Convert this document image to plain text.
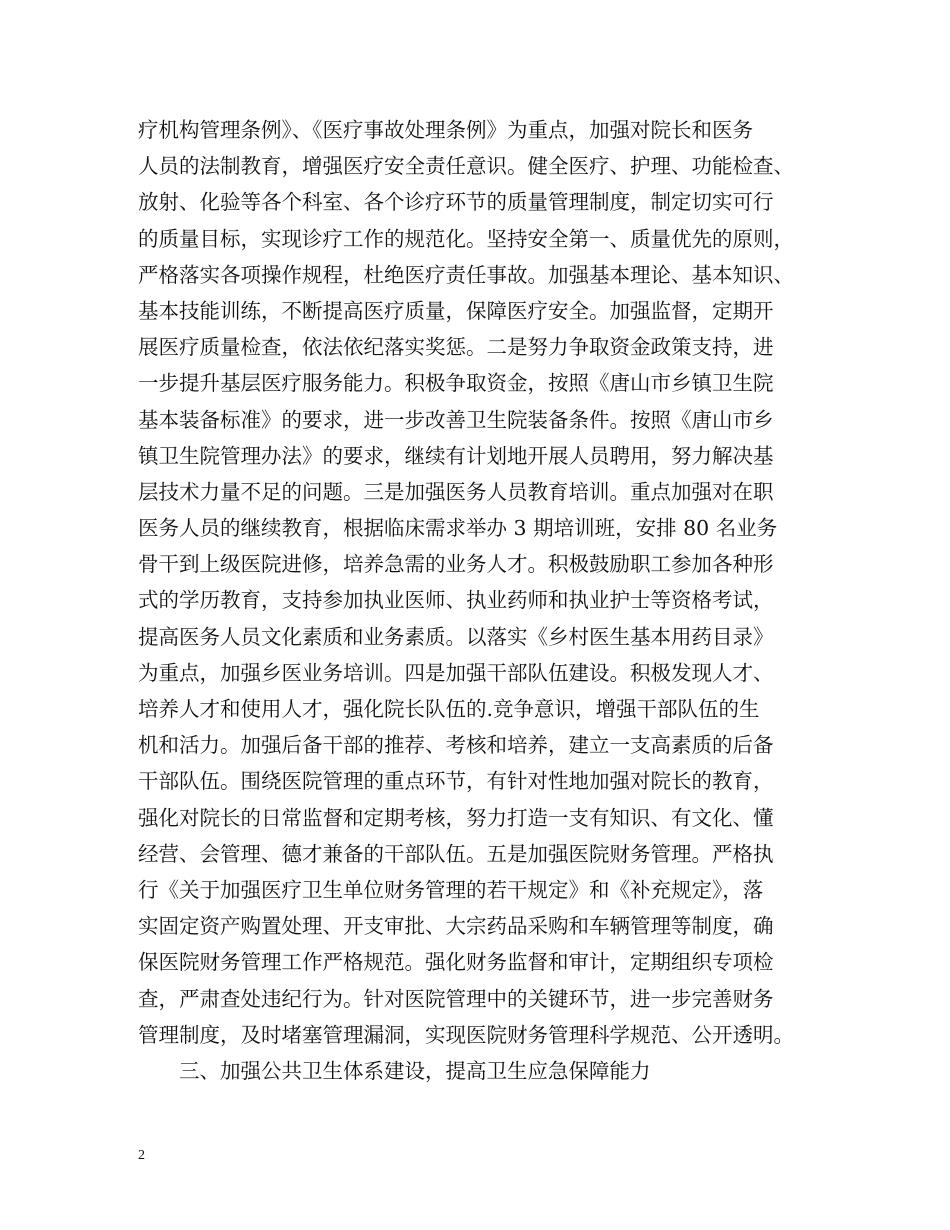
疗机构管理条例》、《医疗事故处理条例》为重点，加强对院长和医务
人员的法制教育，增强医疗安全责任意识。健全医疗、护理、功能检查、
放射、化验等各个科室、各个诊疗环节的质量管理制度，制定切实可行
的质量目标，实现诊疗工作的规范化。坚持安全第一、质量优先的原则，
严格落实各项操作规程，杜绝医疗责任事故。加强基本理论、基本知识、
基本技能训练，不断提高医疗质量，保障医疗安全。加强监督，定期开
展医疗质量检查，依法依纪落实奖惩。二是努力争取资金政策支持，进
一步提升基层医疗服务能力。积极争取资金，按照《唐山市乡镇卫生院
基本装备标准》的要求，进一步改善卫生院装备条件。按照《唐山市乡
镇卫生院管理办法》的要求，继续有计划地开展人员聘用，努力解决基
层技术力量不足的问题。三是加强医务人员教育培训。重点加强对在职
医务人员的继续教育，根据临床需求举办 3 期培训班，安排 80 名业务
骨干到上级医院进修，培养急需的业务人才。积极鼓励职工参加各种形
式的学历教育，支持参加执业医师、执业药师和执业护士等资格考试，
提高医务人员文化素质和业务素质。以落实《乡村医生基本用药目录》
为重点，加强乡医业务培训。四是加强干部队伍建设。积极发现人才、
培养人才和使用人才，强化院长队伍的.竞争意识，增强干部队伍的生
机和活力。加强后备干部的推荐、考核和培养，建立一支高素质的后备
干部队伍。围绕医院管理的重点环节，有针对性地加强对院长的教育，
强化对院长的日常监督和定期考核，努力打造一支有知识、有文化、懂
经营、会管理、德才兼备的干部队伍。五是加强医院财务管理。严格执
行《关于加强医疗卫生单位财务管理的若干规定》和《补充规定》，落
实固定资产购置处理、开支审批、大宗药品采购和车辆管理等制度，确
保医院财务管理工作严格规范。强化财务监督和审计，定期组织专项检
查，严肃查处违纪行为。针对医院管理中的关键环节，进一步完善财务
管理制度，及时堵塞管理漏洞，实现医院财务管理科学规范、公开透明。
三、加强公共卫生体系建设，提高卫生应急保障能力
2
